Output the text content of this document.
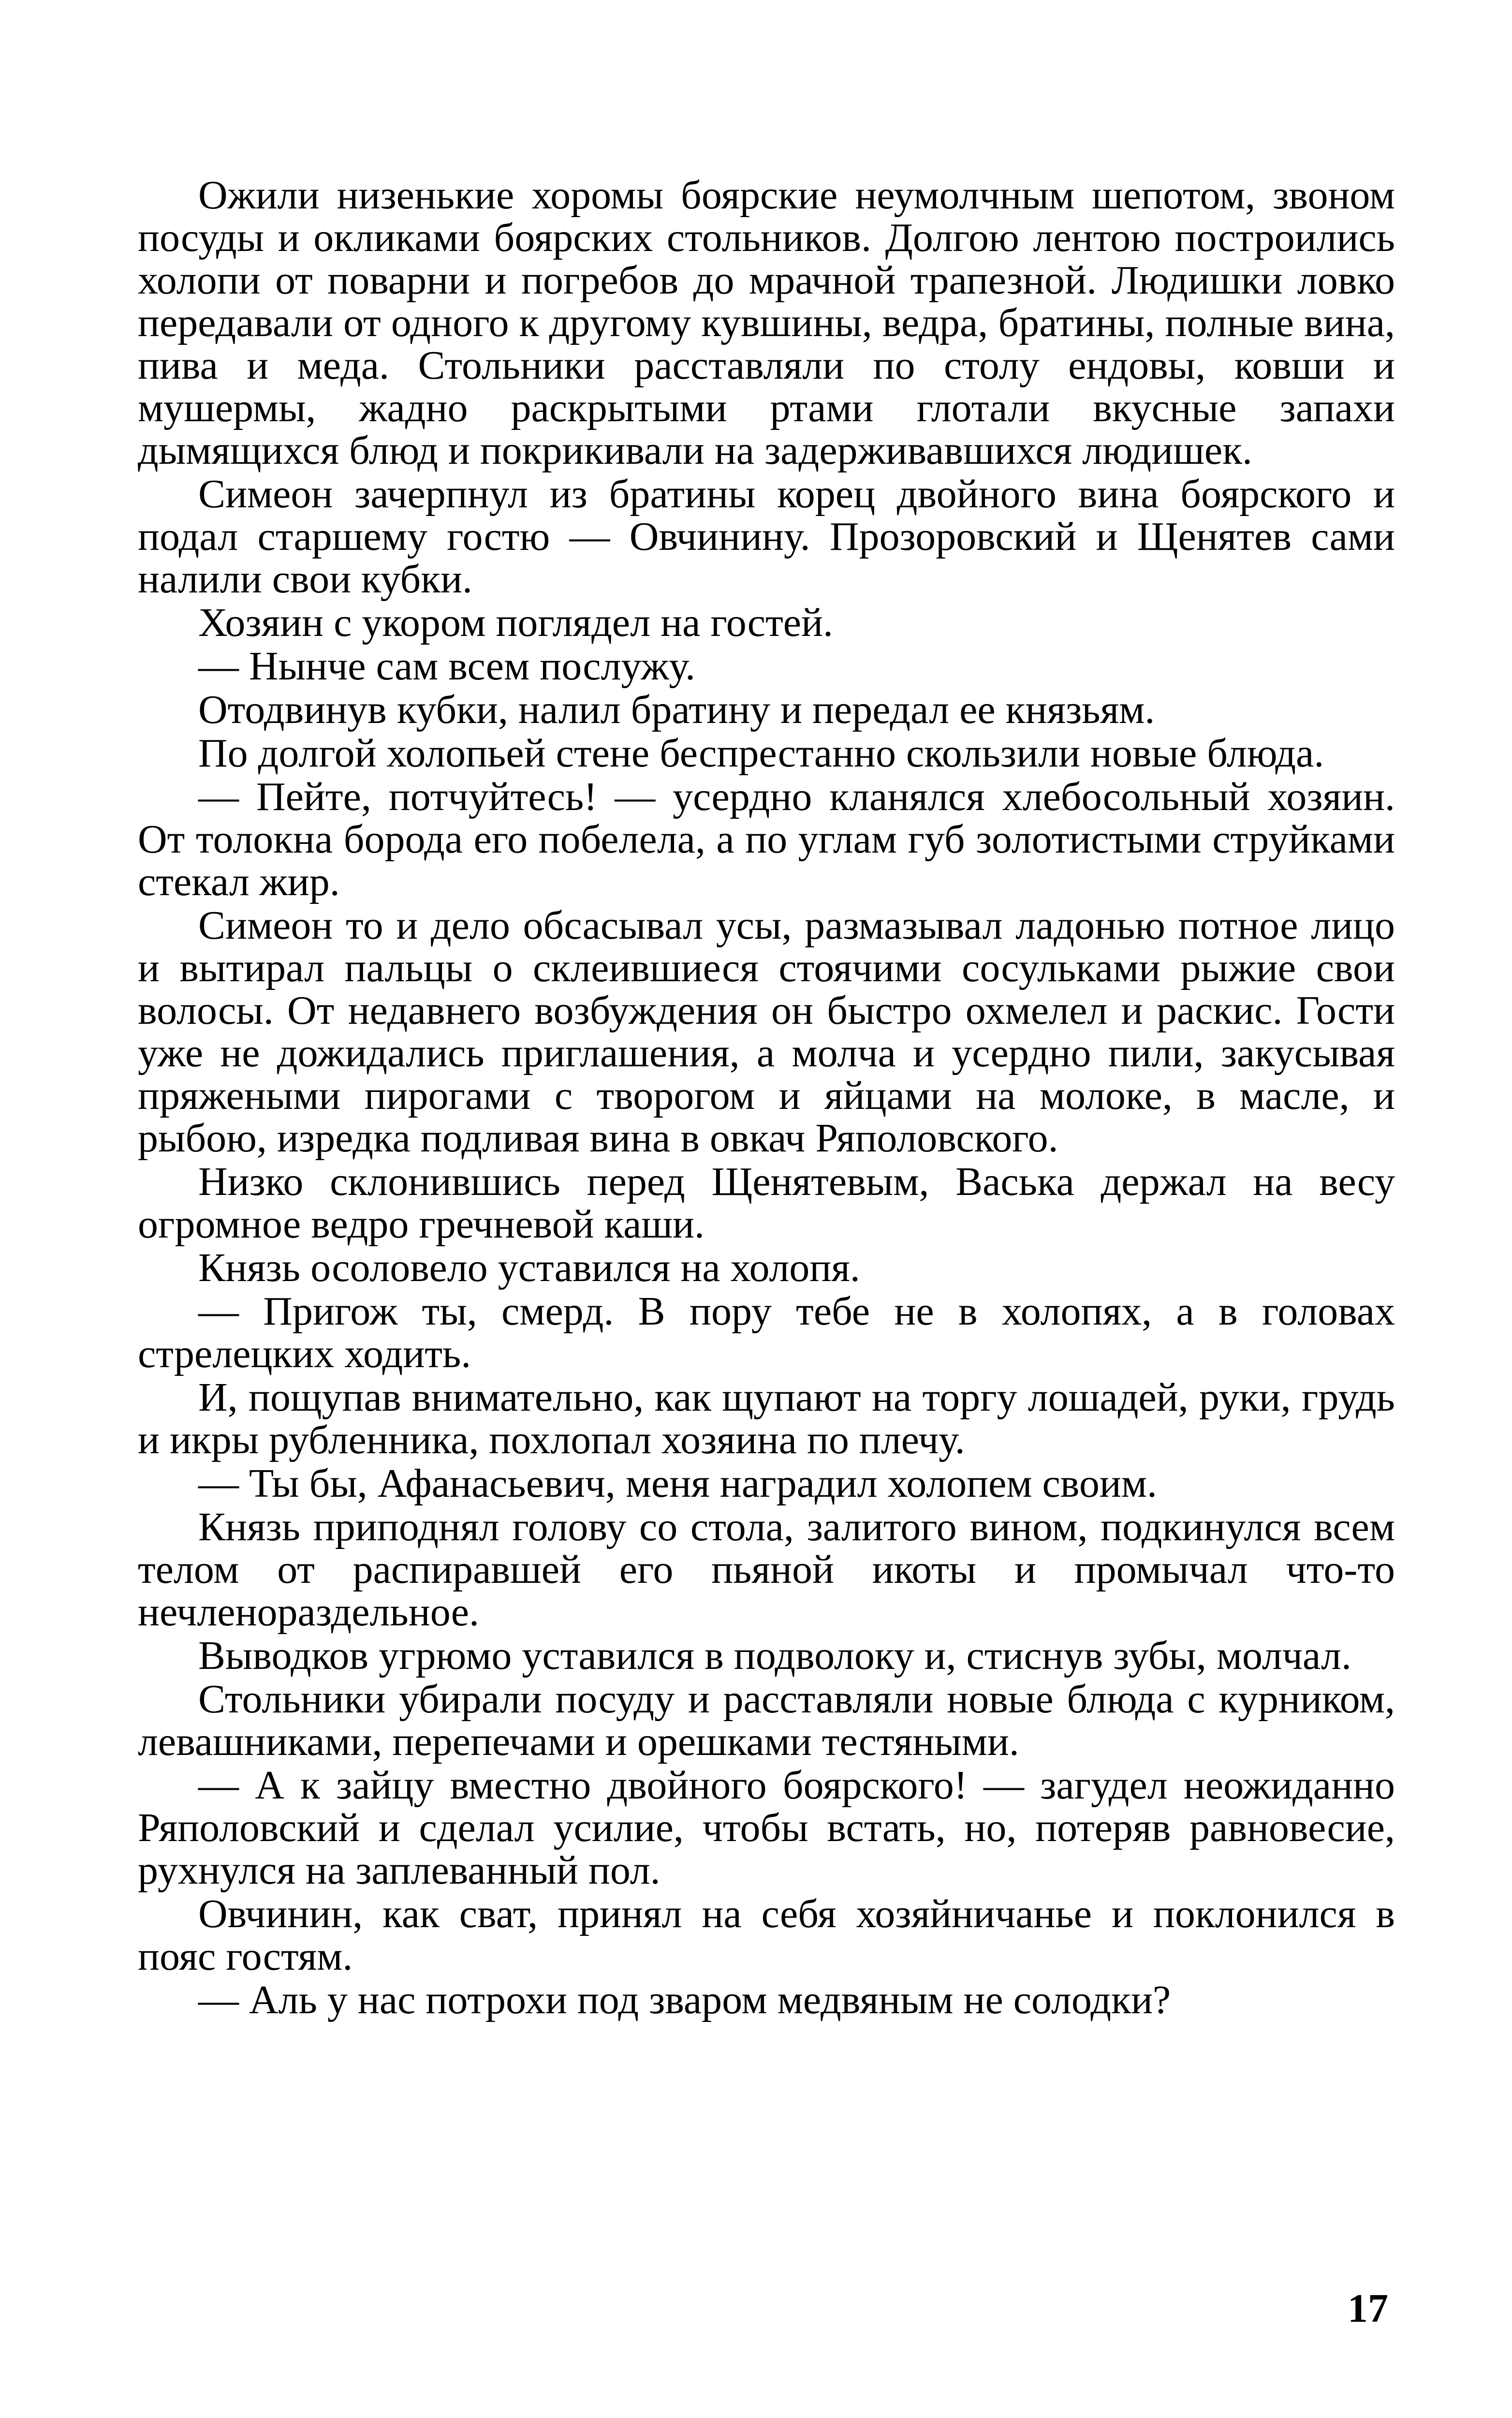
Ожили низенькие хоромы боярские неумолчным шепотом, звоном посуды и окликами боярских стольников. Долгою лентою построились холопи от поварни и погребов до мрачной трапезной. Людишки ловко передавали от одного к другому кувшины, ведра, братины, полные вина, пива и меда. Стольники расставляли по столу ендовы, ковши и мушермы, жадно раскрытыми ртами глотали вкусные запахи дымящихся блюд и покрикивали на задерживавшихся людишек.

Симеон зачерпнул из братины корец двойного вина боярского и подал старшему гостю — Овчинину. Прозоровский и Щенятев сами налили свои кубки.

Хозяин с укором поглядел на гостей.

— Нынче сам всем послужу.

Отодвинув кубки, налил братину и передал ее князьям.

По долгой холопьей стене беспрестанно скользили новые блюда.

— Пейте, потчуйтесь! — усердно кланялся хлебосольный хозяин. От толокна борода его побелела, а по углам губ золотистыми струйками стекал жир.

Симеон то и дело обсасывал усы, размазывал ладонью потное лицо и вытирал пальцы о склеившиеся стоячими сосульками рыжие свои волосы. От недавнего возбуждения он быстро охмелел и раскис. Гости уже не дожидались приглашения, а молча и усердно пили, закусывая пряжеными пирогами с творогом и яйцами на молоке, в масле, и рыбою, изредка подливая вина в овкач Ряполовского.

Низко склонившись перед Щенятевым, Васька держал на весу огромное ведро гречневой каши.

Князь осоловело уставился на холопя.

— Пригож ты, смерд. В пору тебе не в холопях, а в головах стрелецких ходить.

И, пощупав внимательно, как щупают на торгу лошадей, руки, грудь и икры рубленника, похлопал хозяина по плечу.

— Ты бы, Афанасьевич, меня наградил холопем своим.

Князь приподнял голову со стола, залитого вином, подкинулся всем телом от распиравшей его пьяной икоты и промычал что-то нечленораздельное.

Выводков угрюмо уставился в подволоку и, стиснув зубы, молчал.

Стольники убирали посуду и расставляли новые блюда с курником, левашниками, перепечами и орешками тестяными.

— А к зайцу вместно двойного боярского! — загудел неожиданно Ряполовский и сделал усилие, чтобы встать, но, потеряв равновесие, рухнулся на заплеванный пол.

Овчинин, как сват, принял на себя хозяйничанье и поклонился в пояс гостям.

— Аль у нас потрохи под зваром медвяным не солодки?

17
